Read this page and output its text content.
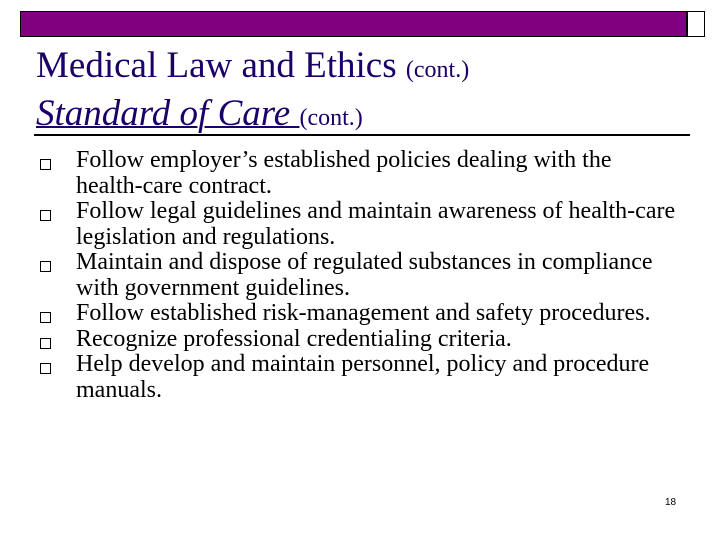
Medical Law and Ethics (cont.)
Standard of Care (cont.)
Follow employer’s established policies dealing with the health-care contract.
Follow legal guidelines and maintain awareness of health-care legislation and regulations.
Maintain and dispose of regulated substances in compliance with government guidelines.
Follow established risk-management and safety procedures.
Recognize professional credentialing criteria.
Help develop and maintain personnel, policy and procedure manuals.
18
